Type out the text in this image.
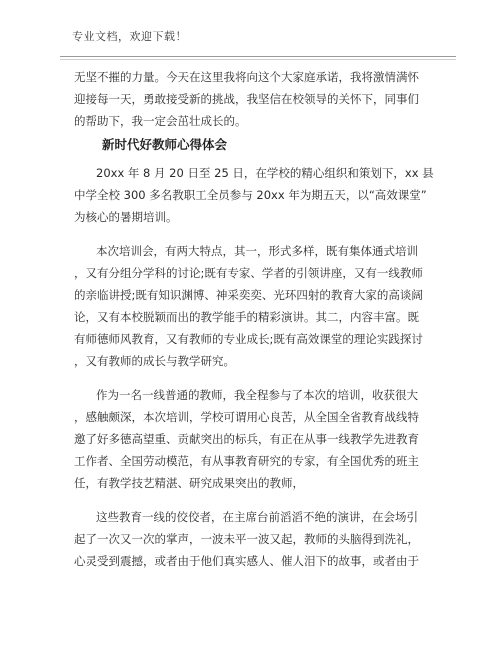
专业文档，欢迎下载！
无坚不摧的力量。今天在这里我将向这个大家庭承诺，我将激情满怀
迎接每一天，勇敢接受新的挑战，我坚信在校领导的关怀下，同事们
的帮助下，我一定会茁壮成长的。
新时代好教师心得体会
20xx 年 8 月 20 日至 25 日，在学校的精心组织和策划下，xx 县
中学全校 300 多名教职工全员参与 20xx 年为期五天，以“高效课堂”
为核心的暑期培训。
本次培训会，有两大特点，其一，形式多样，既有集体通式培训
，又有分组分学科的讨论;既有专家、学者的引领讲座，又有一线教师
的亲临讲授;既有知识渊博、神采奕奕、光环四射的教育大家的高谈阔
论，又有本校脱颖而出的教学能手的精彩演讲。其二，内容丰富。既
有师德师风教育，又有教师的专业成长;既有高效课堂的理论实践探讨
，又有教师的成长与教学研究。
作为一名一线普通的教师，我全程参与了本次的培训，收获很大
，感触颇深，本次培训，学校可谓用心良苦，从全国全省教育战线特
邀了好多德高望重、贡献突出的标兵，有正在从事一线教学先进教育
工作者、全国劳动模范，有从事教育研究的专家，有全国优秀的班主
任，有教学技艺精湛、研究成果突出的教师，
这些教育一线的佼佼者，在主席台前滔滔不绝的演讲，在会场引
起了一次又一次的掌声，一波未平一波又起，教师的头脑得到洗礼，
心灵受到震撼，或者由于他们真实感人、催人泪下的故事，或者由于
